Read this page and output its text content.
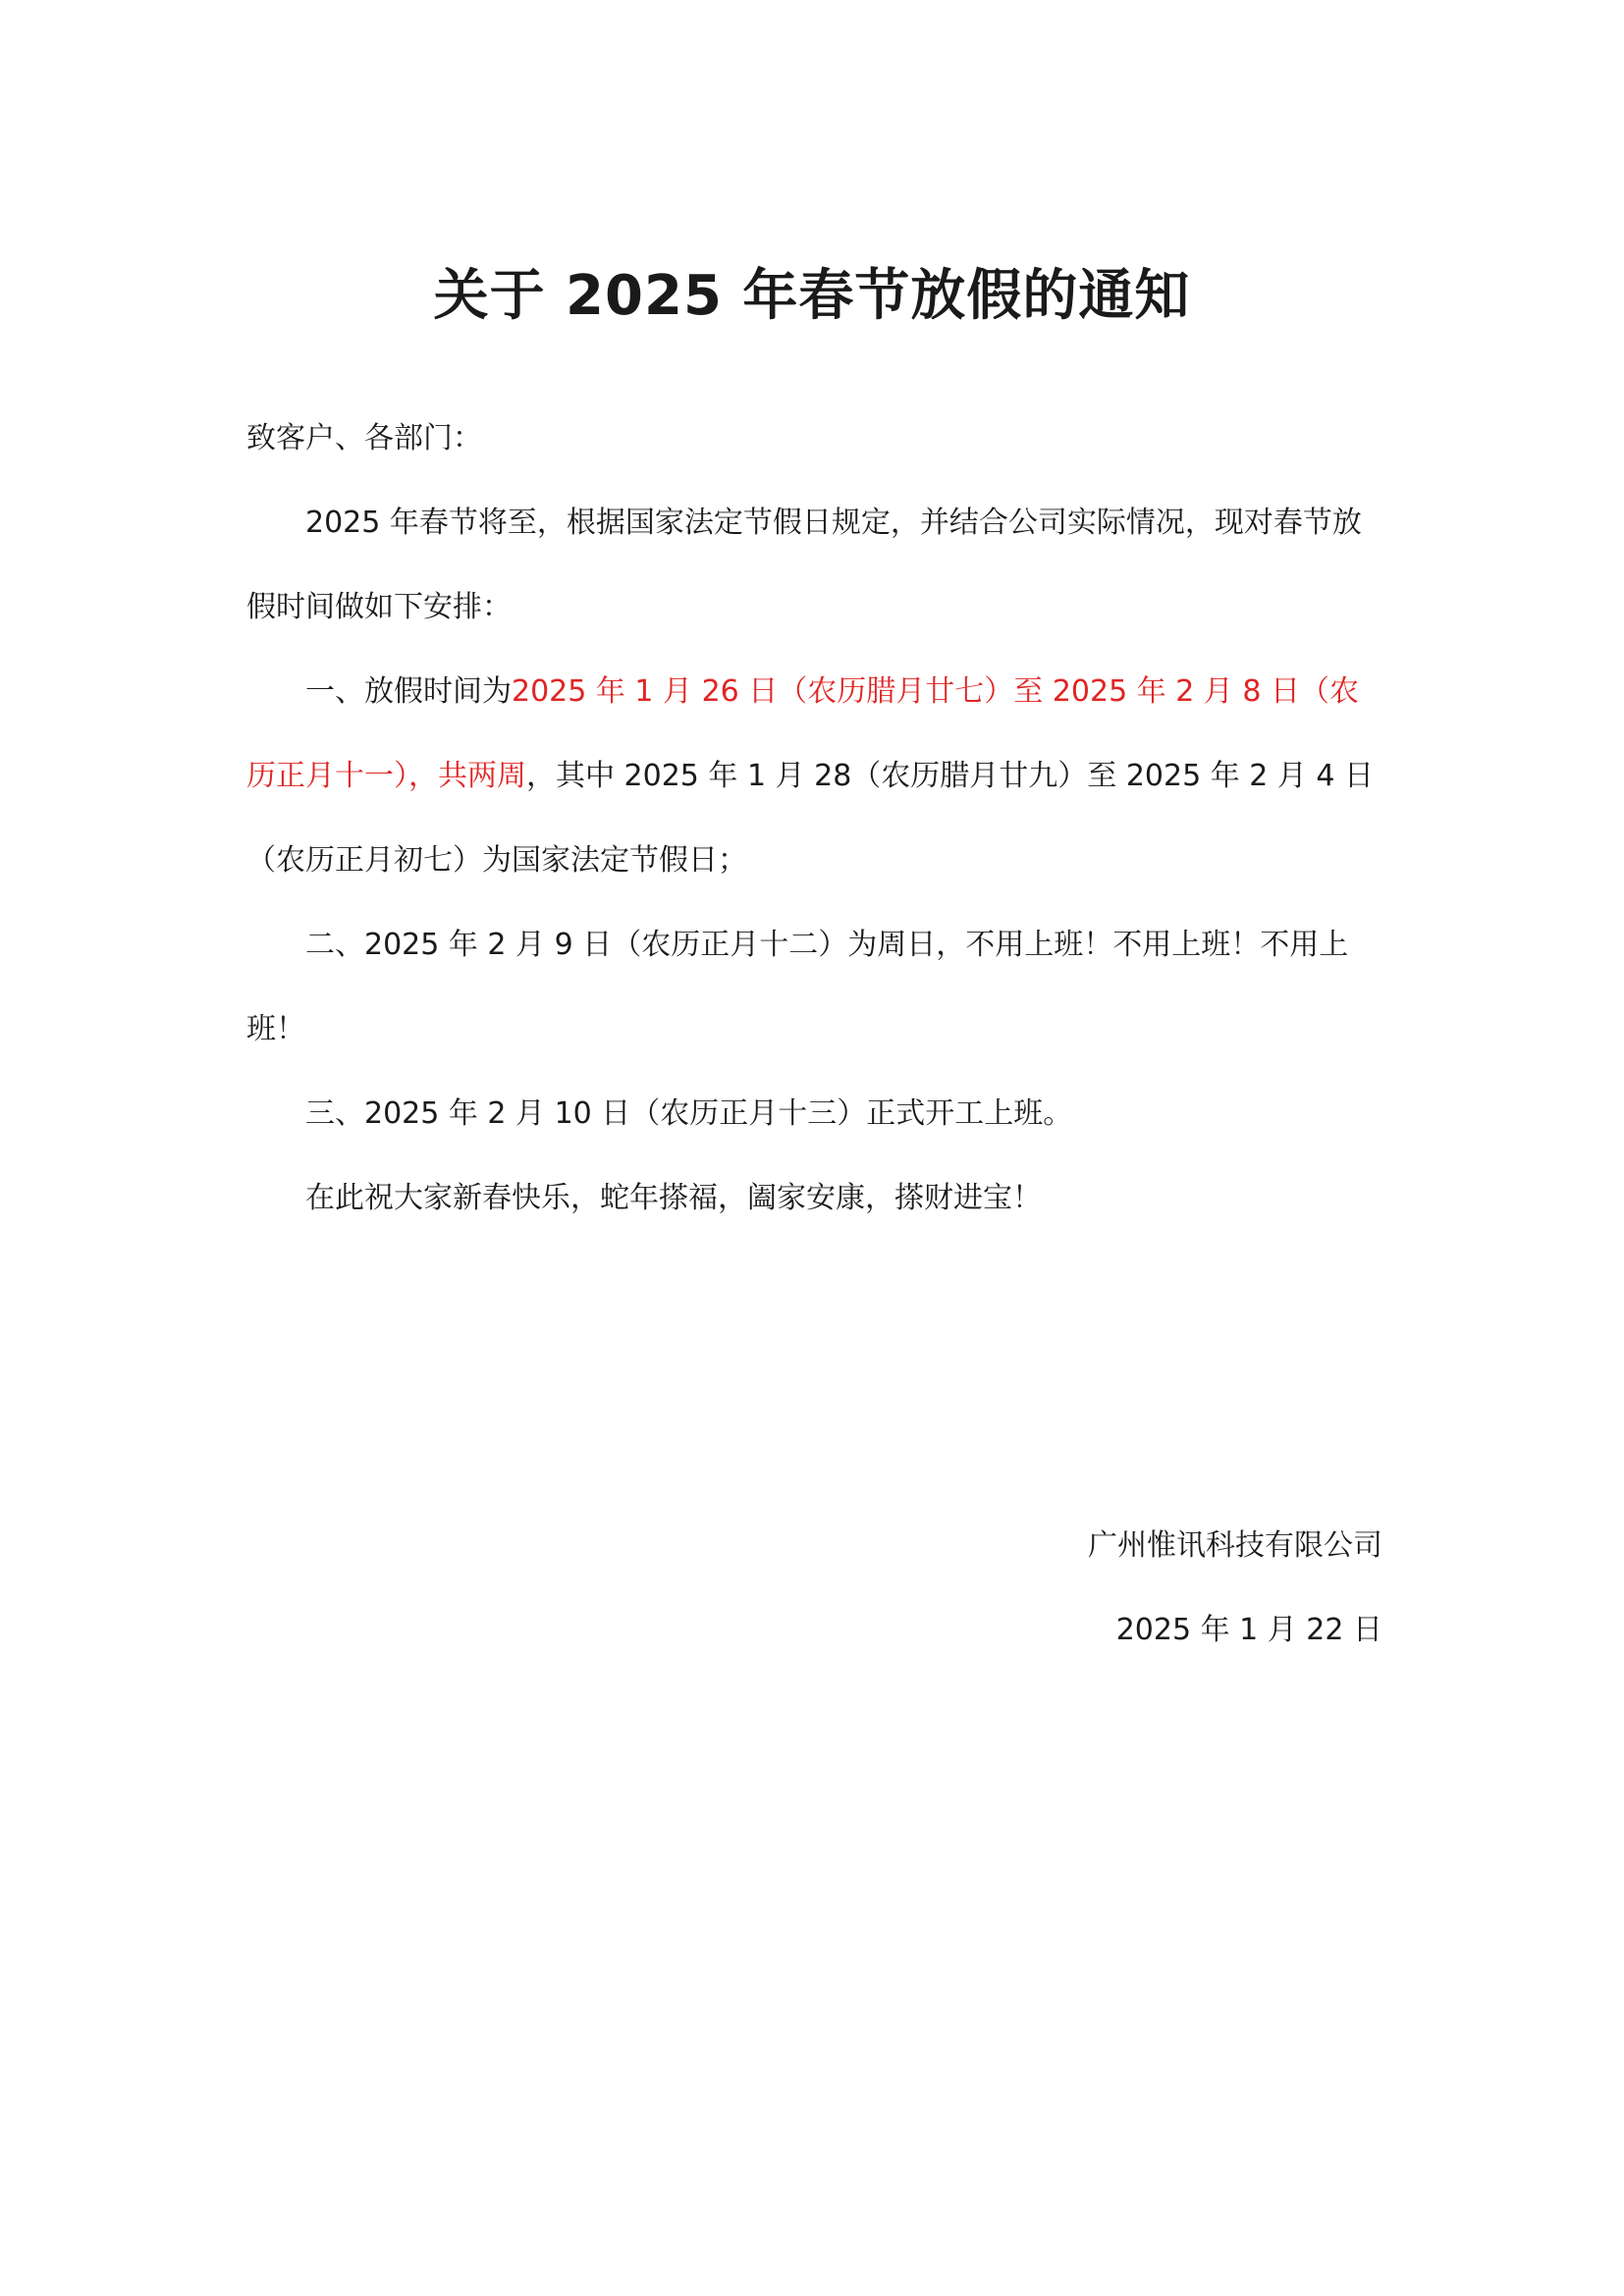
关于 2025 年春节放假的通知
致客户、各部门：
2025 年春节将至，根据国家法定节假日规定，并结合公司实际情况，现对春节放假时间做如下安排：
一、放假时间为2025 年 1 月 26 日（农历腊月廿七）至 2025 年 2 月 8 日（农历正月十一），共两周，其中 2025 年 1 月 28（农历腊月廿九）至 2025 年 2 月 4 日（农历正月初七）为国家法定节假日；
二、2025 年 2 月 9 日（农历正月十二）为周日，不用上班！不用上班！不用上班！
三、2025 年 2 月 10 日（农历正月十三）正式开工上班。
在此祝大家新春快乐，蛇年搽福，阖家安康，搽财进宝！
广州惟讯科技有限公司
2025 年 1 月 22 日
